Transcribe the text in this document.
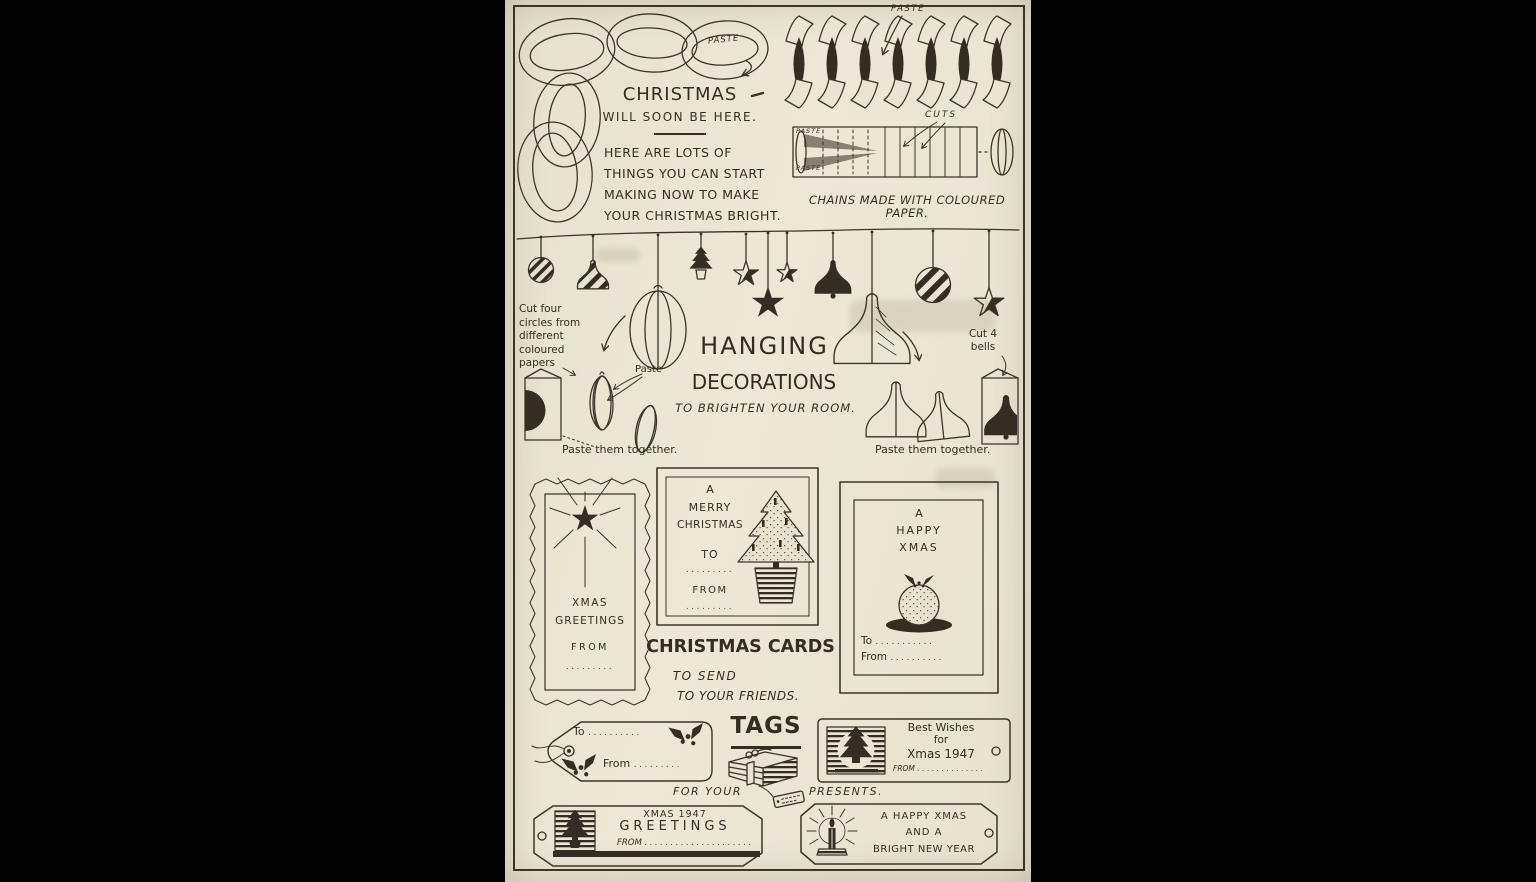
PASTE
CHRISTMAS
WILL SOON BE HERE.
HERE ARE LOTS OF
THINGS YOU CAN START
MAKING NOW TO MAKE
YOUR CHRISTMAS BRIGHT.
PASTE
CUTS
PASTE
PASTE
CHAINS MADE WITH COLOURED
PAPER.
Cut four
circles from
different
coloured
papers
HANGING
DECORATIONS
TO BRIGHTEN YOUR ROOM.
Paste
Paste them together.
Cut 4
bells
Paste them together.
XMAS
GREETINGS
FROM
.........
A
MERRY
CHRISTMAS
TO
.........
FROM
.........
CHRISTMAS CARDS
TO SEND
TO YOUR FRIENDS.
A
HAPPY
XMAS
To ...........
From ..........
TAGS
To ..........
From .........
FOR YOUR	PRESENTS.
Best Wishes
for
Xmas 1947
FROM ..............
XMAS 1947
GREETINGS
FROM .....................
A HAPPY XMAS
AND A
BRIGHT NEW YEAR
